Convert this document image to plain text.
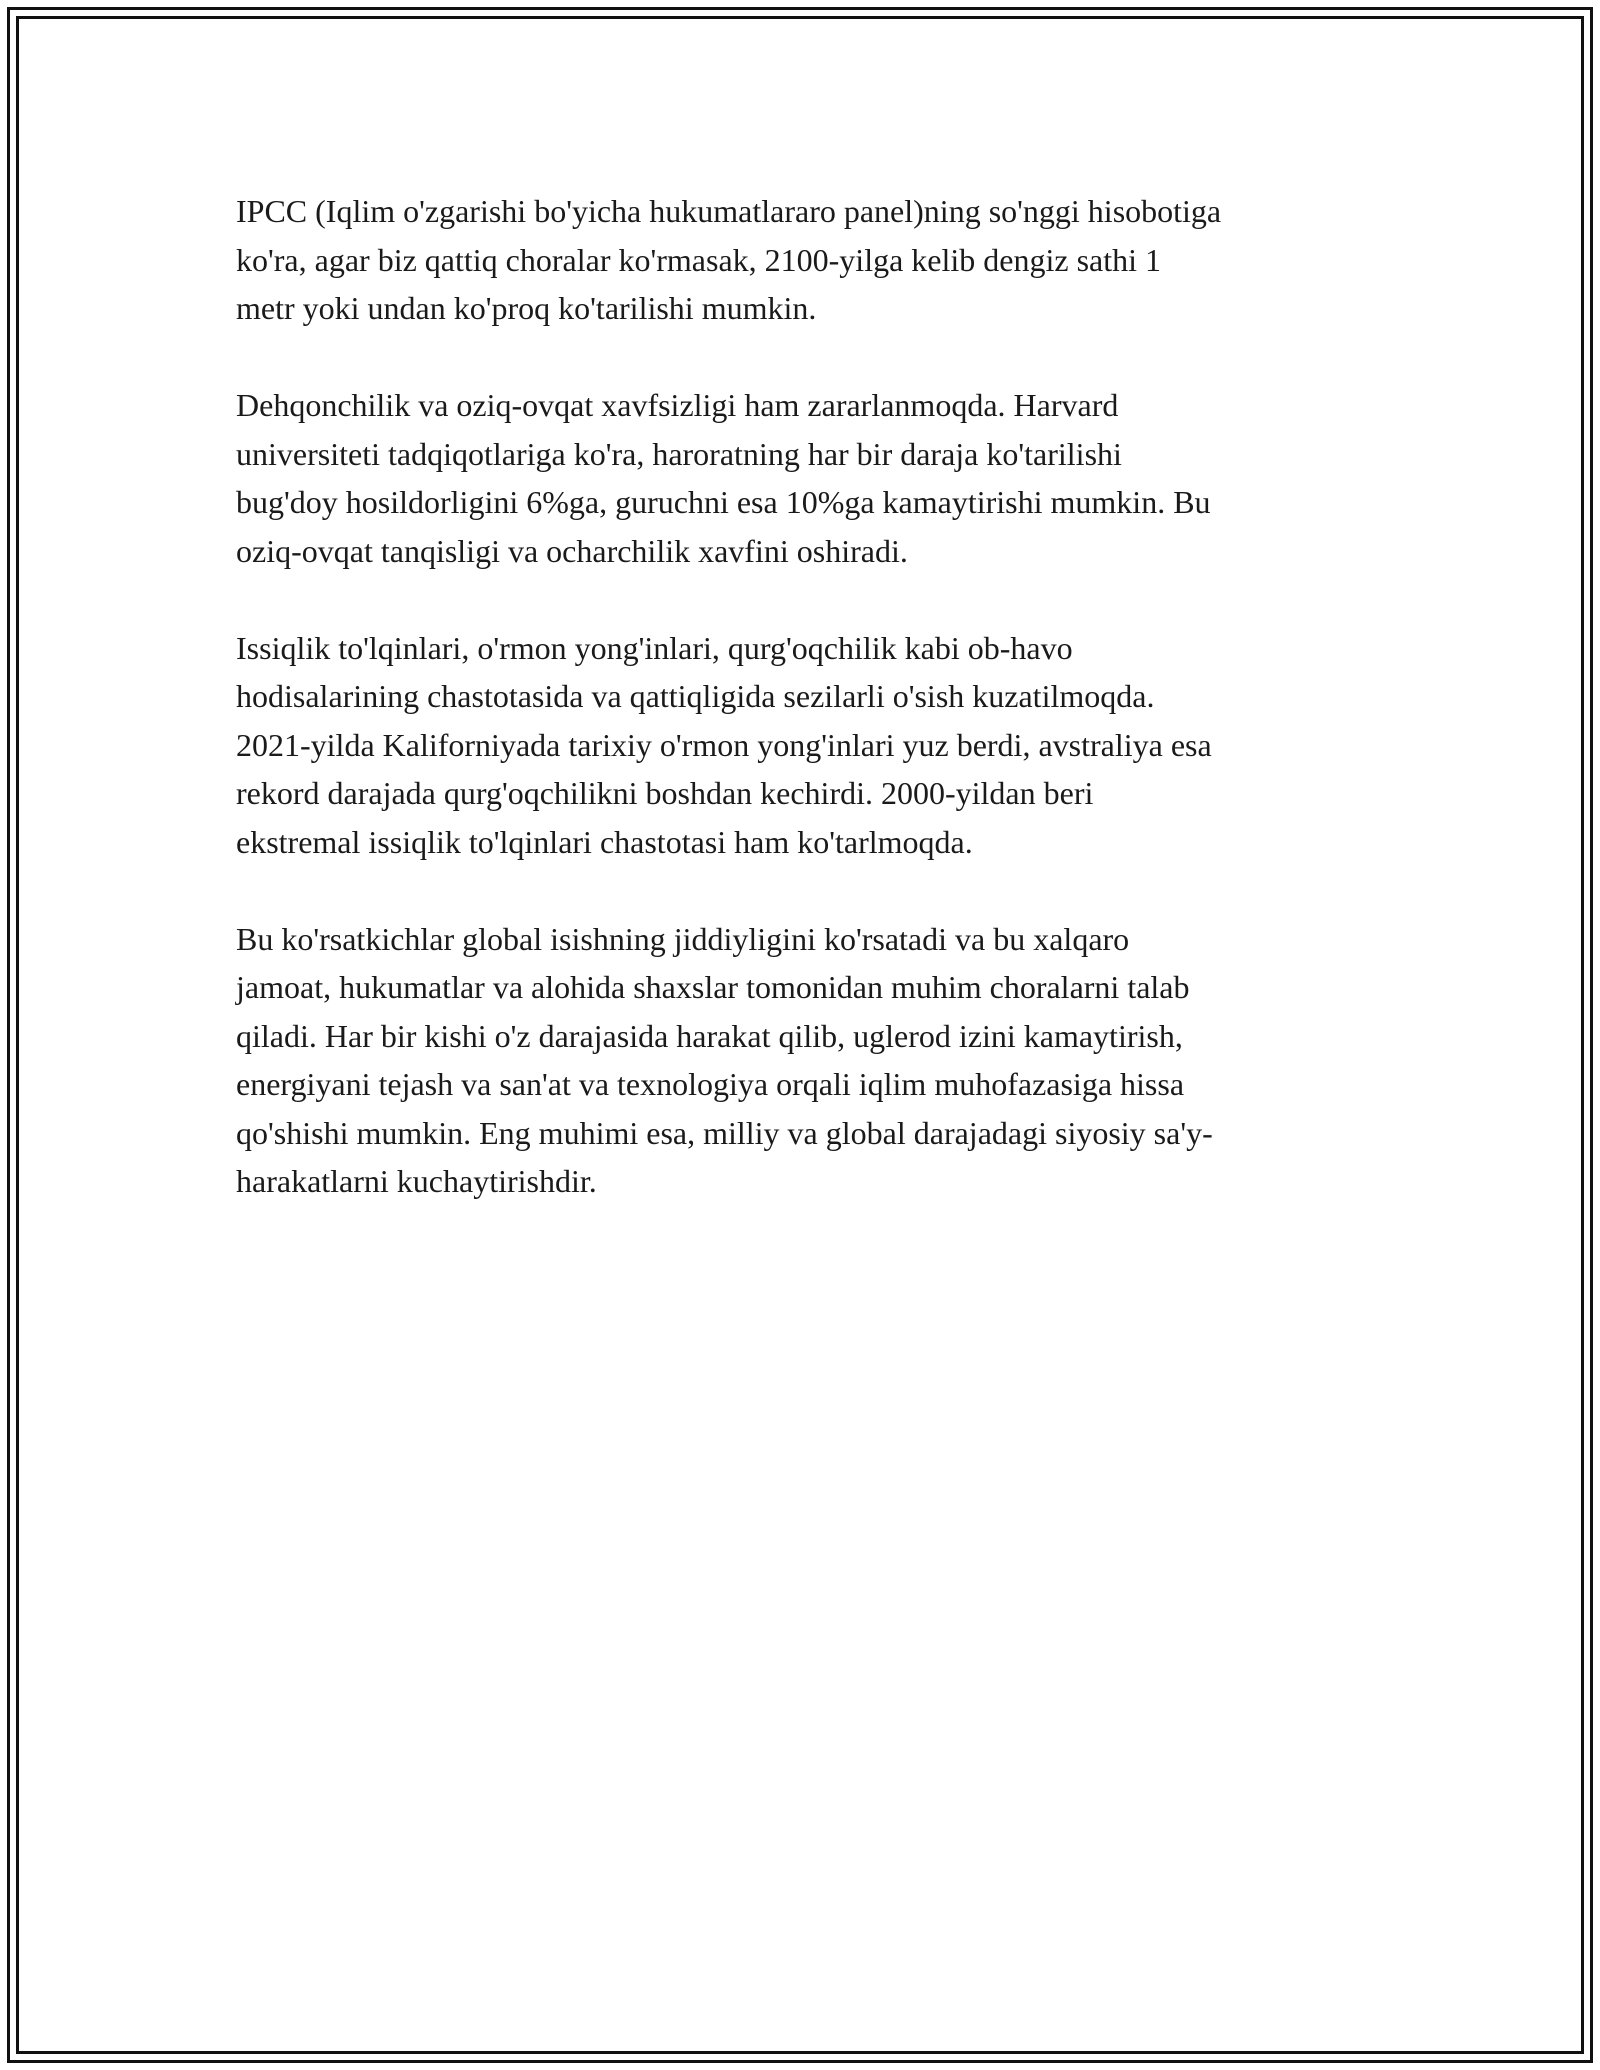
IPCC (Iqlim o'zgarishi bo'yicha hukumatlararo panel)ning so'nggi hisobotiga
ko'ra, agar biz qattiq choralar ko'rmasak, 2100-yilga kelib dengiz sathi 1
metr yoki undan ko'proq ko'tarilishi mumkin.

Dehqonchilik va oziq-ovqat xavfsizligi ham zararlanmoqda. Harvard
universiteti tadqiqotlariga ko'ra, haroratning har bir daraja ko'tarilishi
bug'doy hosildorligini 6%ga, guruchni esa 10%ga kamaytirishi mumkin. Bu
oziq-ovqat tanqisligi va ocharchilik xavfini oshiradi.

Issiqlik to'lqinlari, o'rmon yong'inlari, qurg'oqchilik kabi ob-havo
hodisalarining chastotasida va qattiqligida sezilarli o'sish kuzatilmoqda.
2021-yilda Kaliforniyada tarixiy o'rmon yong'inlari yuz berdi, avstraliya esa
rekord darajada qurg'oqchilikni boshdan kechirdi. 2000-yildan beri
ekstremal issiqlik to'lqinlari chastotasi ham ko'tarlmoqda.

Bu ko'rsatkichlar global isishning jiddiyligini ko'rsatadi va bu xalqaro
jamoat, hukumatlar va alohida shaxslar tomonidan muhim choralarni talab
qiladi. Har bir kishi o'z darajasida harakat qilib, uglerod izini kamaytirish,
energiyani tejash va san'at va texnologiya orqali iqlim muhofazasiga hissa
qo'shishi mumkin. Eng muhimi esa, milliy va global darajadagi siyosiy sa'y-
harakatlarni kuchaytirishdir.
